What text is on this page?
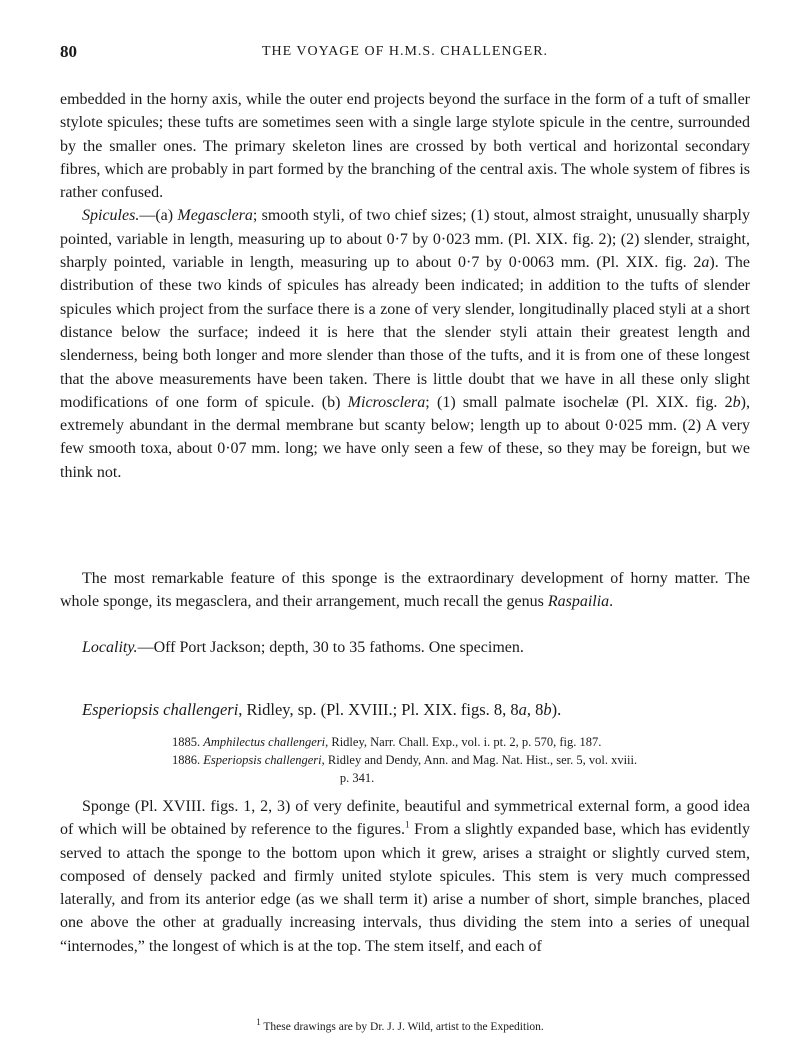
80	THE VOYAGE OF H.M.S. CHALLENGER.

embedded in the horny axis, while the outer end projects beyond the surface in the form of a tuft of smaller stylote spicules; these tufts are sometimes seen with a single large stylote spicule in the centre, surrounded by the smaller ones. The primary skeleton lines are crossed by both vertical and horizontal secondary fibres, which are probably in part formed by the branching of the central axis. The whole system of fibres is rather confused.

Spicules.—(a) Megasclera; smooth styli, of two chief sizes; (1) stout, almost straight, unusually sharply pointed, variable in length, measuring up to about 0·7 by 0·023 mm. (Pl. XIX. fig. 2); (2) slender, straight, sharply pointed, variable in length, measuring up to about 0·7 by 0·0063 mm. (Pl. XIX. fig. 2a). The distribution of these two kinds of spicules has already been indicated; in addition to the tufts of slender spicules which project from the surface there is a zone of very slender, longitudinally placed styli at a short distance below the surface; indeed it is here that the slender styli attain their greatest length and slenderness, being both longer and more slender than those of the tufts, and it is from one of these longest that the above measurements have been taken. There is little doubt that we have in all these only slight modifications of one form of spicule. (b) Microsclera; (1) small palmate isochelæ (Pl. XIX. fig. 2b), extremely abundant in the dermal membrane but scanty below; length up to about 0·025 mm. (2) A very few smooth toxa, about 0·07 mm. long; we have only seen a few of these, so they may be foreign, but we think not.

The most remarkable feature of this sponge is the extraordinary development of horny matter. The whole sponge, its megasclera, and their arrangement, much recall the genus Raspailia.

Locality.—Off Port Jackson; depth, 30 to 35 fathoms. One specimen.

Esperiopsis challengeri, Ridley, sp. (Pl. XVIII.; Pl. XIX. figs. 8, 8a, 8b).

1885. Amphilectus challengeri, Ridley, Narr. Chall. Exp., vol. i. pt. 2, p. 570, fig. 187.

1886. Esperiopsis challengeri, Ridley and Dendy, Ann. and Mag. Nat. Hist., ser. 5, vol. xviii.
p. 341.

Sponge (Pl. XVIII. figs. 1, 2, 3) of very definite, beautiful and symmetrical external form, a good idea of which will be obtained by reference to the figures.$^1$ From a slightly expanded base, which has evidently served to attach the sponge to the bottom upon which it grew, arises a straight or slightly curved stem, composed of densely packed and firmly united stylote spicules. This stem is very much compressed laterally, and from its anterior edge (as we shall term it) arise a number of short, simple branches, placed one above the other at gradually increasing intervals, thus dividing the stem into a series of unequal “internodes,” the longest of which is at the top. The stem itself, and each of

$^1$ These drawings are by Dr. J. J. Wild, artist to the Expedition.
